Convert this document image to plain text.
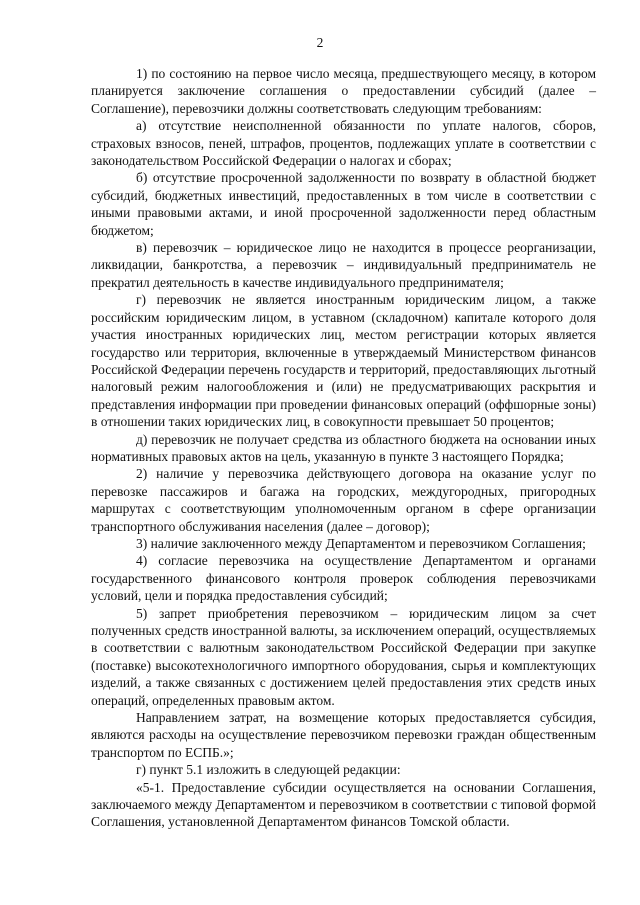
2

1) по состоянию на первое число месяца, предшествующего месяцу, в котором планируется заключение соглашения о предоставлении субсидий (далее – Соглашение), перевозчики должны соответствовать следующим требованиям:

а) отсутствие неисполненной обязанности по уплате налогов, сборов, страховых взносов, пеней, штрафов, процентов, подлежащих уплате в соответствии с законодательством Российской Федерации о налогах и сборах;

б) отсутствие просроченной задолженности по возврату в областной бюджет субсидий, бюджетных инвестиций, предоставленных в том числе в соответствии с иными правовыми актами, и иной просроченной задолженности перед областным бюджетом;

в) перевозчик – юридическое лицо не находится в процессе реорганизации, ликвидации, банкротства, а перевозчик – индивидуальный предприниматель не прекратил деятельность в качестве индивидуального предпринимателя;

г) перевозчик не является иностранным юридическим лицом, а также российским юридическим лицом, в уставном (складочном) капитале которого доля участия иностранных юридических лиц, местом регистрации которых является государство или территория, включенные в утверждаемый Министерством финансов Российской Федерации перечень государств и территорий, предоставляющих льготный налоговый режим налогообложения и (или) не предусматривающих раскрытия и представления информации при проведении финансовых операций (оффшорные зоны) в отношении таких юридических лиц, в совокупности превышает 50 процентов;

д) перевозчик не получает средства из областного бюджета на основании иных нормативных правовых актов на цель, указанную в пункте 3 настоящего Порядка;

2) наличие у перевозчика действующего договора на оказание услуг по перевозке пассажиров и багажа на городских, междугородных, пригородных маршрутах с соответствующим уполномоченным органом в сфере организации транспортного обслуживания населения (далее – договор);

3) наличие заключенного между Департаментом и перевозчиком Соглашения;

4) согласие перевозчика на осуществление Департаментом и органами государственного финансового контроля проверок соблюдения перевозчиками условий, цели и порядка предоставления субсидий;

5) запрет приобретения перевозчиком – юридическим лицом за счет полученных средств иностранной валюты, за исключением операций, осуществляемых в соответствии с валютным законодательством Российской Федерации при закупке (поставке) высокотехнологичного импортного оборудования, сырья и комплектующих изделий, а также связанных с достижением целей предоставления этих средств иных операций, определенных правовым актом.

Направлением затрат, на возмещение которых предоставляется субсидия, являются расходы на осуществление перевозчиком перевозки граждан общественным транспортом по ЕСПБ.»;

г) пункт 5.1 изложить в следующей редакции:

«5-1. Предоставление субсидии осуществляется на основании Соглашения, заключаемого между Департаментом и перевозчиком в соответствии с типовой формой Соглашения, установленной Департаментом финансов Томской области.
